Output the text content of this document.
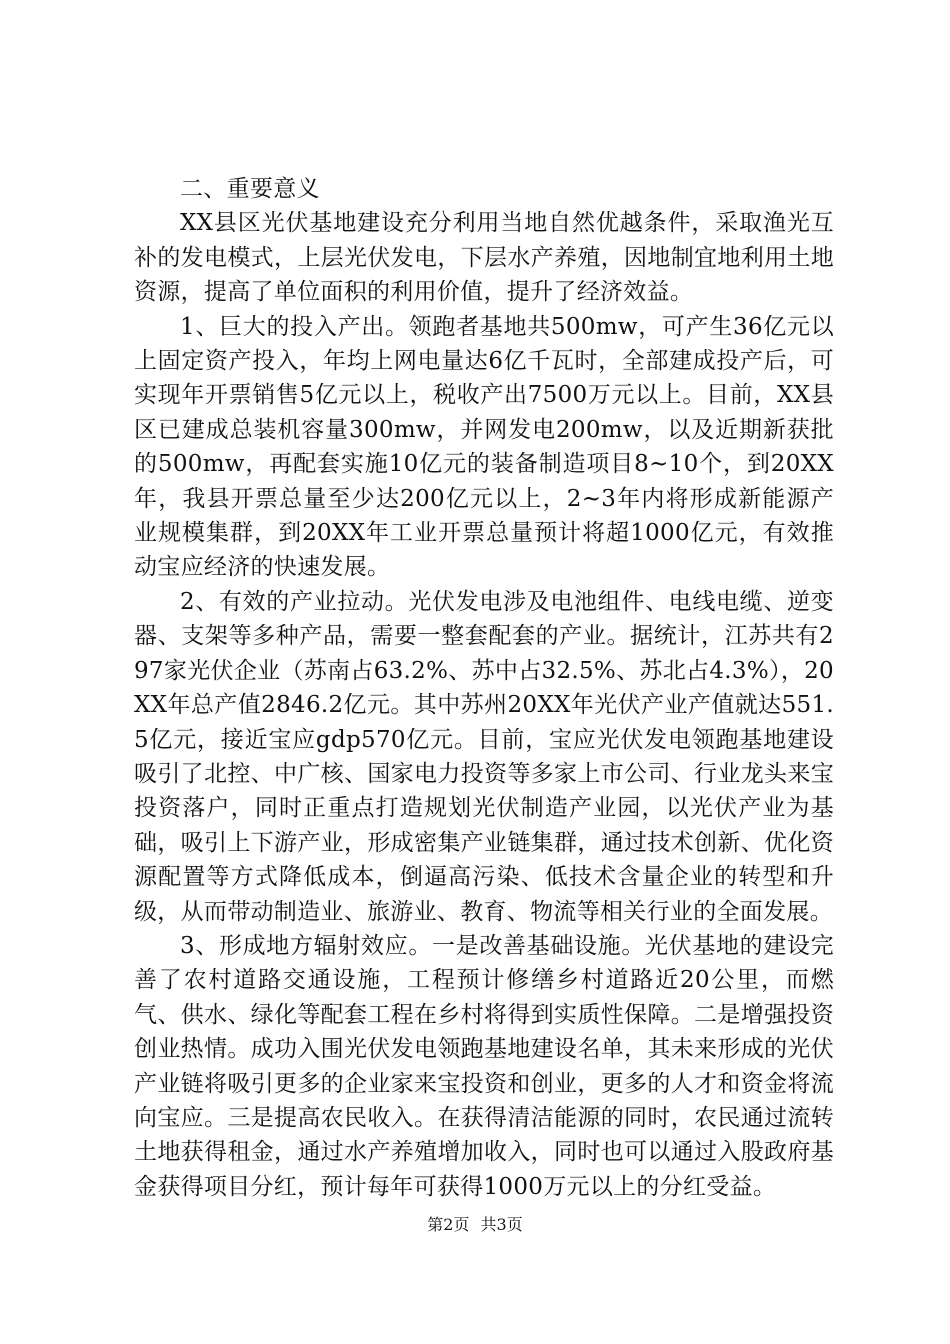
二、重要意义

XX县区光伏基地建设充分利用当地自然优越条件，采取渔光互补的发电模式，上层光伏发电，下层水产养殖，因地制宜地利用土地资源，提高了单位面积的利用价值，提升了经济效益。

1、巨大的投入产出。领跑者基地共500mw，可产生36亿元以上固定资产投入，年均上网电量达6亿千瓦时，全部建成投产后，可实现年开票销售5亿元以上，税收产出7500万元以上。目前，XX县区已建成总装机容量300mw，并网发电200mw，以及近期新获批的500mw，再配套实施10亿元的装备制造项目8~10个，到20XX年，我县开票总量至少达200亿元以上，2~3年内将形成新能源产业规模集群，到20XX年工业开票总量预计将超1000亿元，有效推动宝应经济的快速发展。

2、有效的产业拉动。光伏发电涉及电池组件、电线电缆、逆变器、支架等多种产品，需要一整套配套的产业。据统计，江苏共有297家光伏企业（苏南占63.2%、苏中占32.5%、苏北占4.3%），20XX年总产值2846.2亿元。其中苏州20XX年光伏产业产值就达551.5亿元，接近宝应gdp570亿元。目前，宝应光伏发电领跑基地建设吸引了北控、中广核、国家电力投资等多家上市公司、行业龙头来宝投资落户，同时正重点打造规划光伏制造产业园，以光伏产业为基础，吸引上下游产业，形成密集产业链集群，通过技术创新、优化资源配置等方式降低成本，倒逼高污染、低技术含量企业的转型和升级，从而带动制造业、旅游业、教育、物流等相关行业的全面发展。

3、形成地方辐射效应。一是改善基础设施。光伏基地的建设完善了农村道路交通设施，工程预计修缮乡村道路近20公里，而燃气、供水、绿化等配套工程在乡村将得到实质性保障。二是增强投资创业热情。成功入围光伏发电领跑基地建设名单，其未来形成的光伏产业链将吸引更多的企业家来宝投资和创业，更多的人才和资金将流向宝应。三是提高农民收入。在获得清洁能源的同时，农民通过流转土地获得租金，通过水产养殖增加收入，同时也可以通过入股政府基金获得项目分红，预计每年可获得1000万元以上的分红受益。

第2页 共3页
